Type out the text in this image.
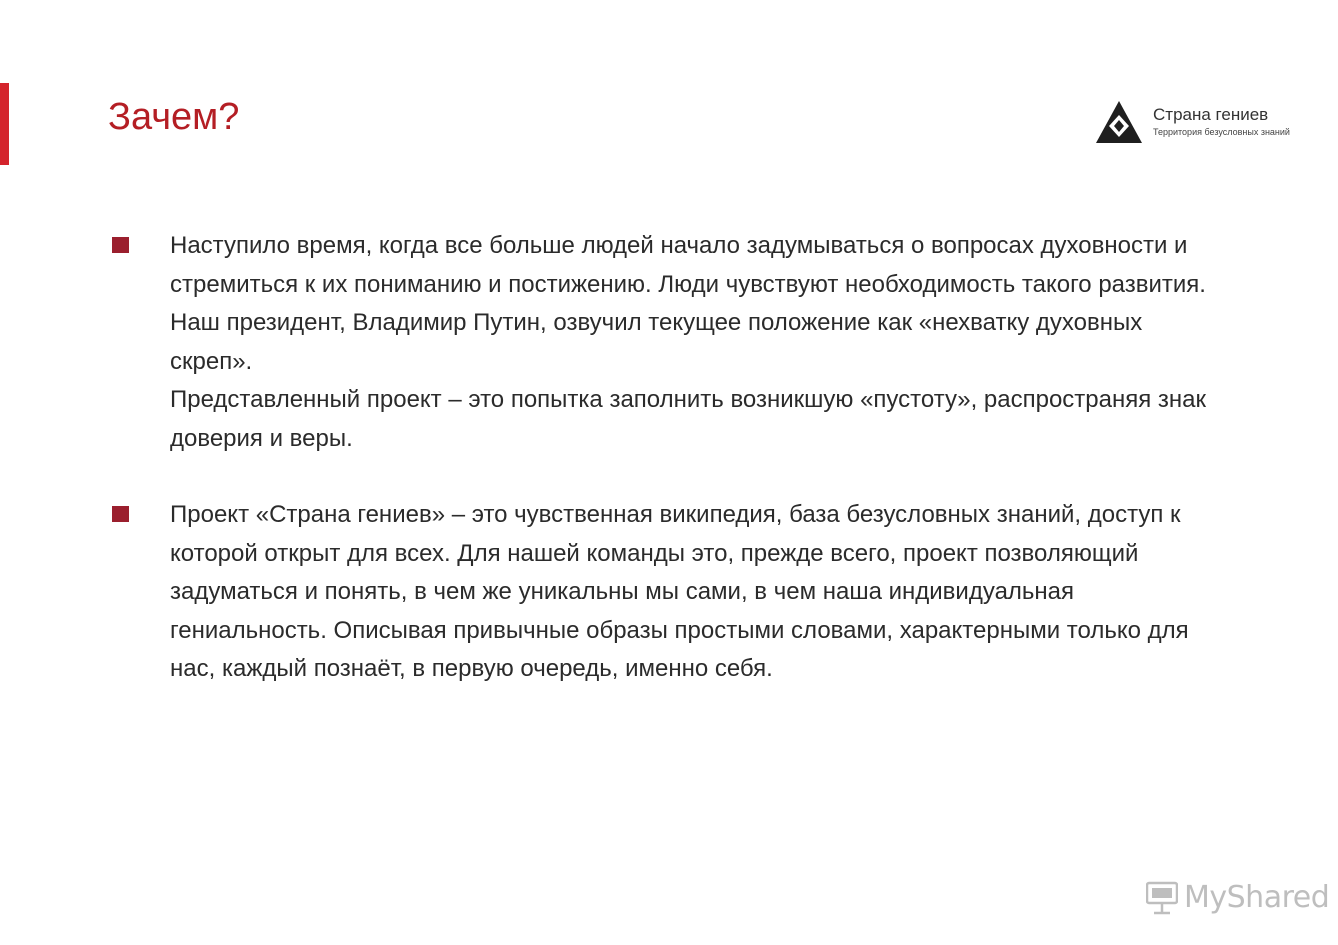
Зачем?	Страна гениев
Территория безусловных знаний

Наступило время, когда все больше людей начало задумываться о вопросах духовности и стремиться к их пониманию и постижению. Люди чувствуют необходимость такого развития. Наш президент, Владимир Путин, озвучил текущее положение как «нехватку духовных скреп».

Представленный проект – это попытка заполнить возникшую «пустоту», распространяя знак доверия и веры.

Проект «Страна гениев» – это чувственная википедия, база безусловных знаний, доступ к которой открыт для всех. Для нашей команды это, прежде всего, проект позволяющий задуматься и понять, в чем же уникальны мы сами, в чем наша индивидуальная гениальность. Описывая привычные образы простыми словами, характерными только для нас, каждый познаёт, в первую очередь, именно себя.

MyShared
